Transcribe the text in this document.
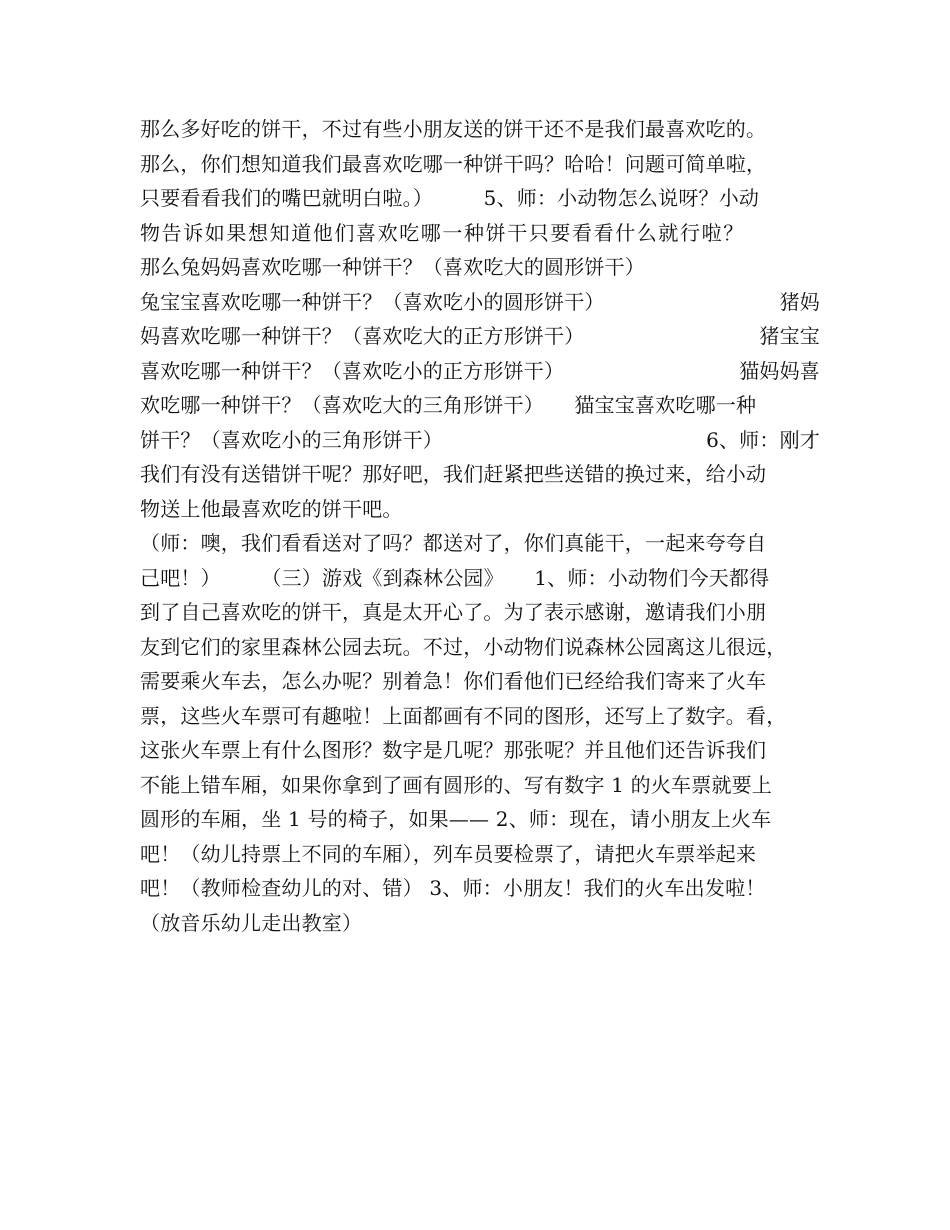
那么多好吃的饼干，不过有些小朋友送的饼干还不是我们最喜欢吃的。
那么，你们想知道我们最喜欢吃哪一种饼干吗？哈哈！问题可简单啦，
只要看看我们的嘴巴就明白啦。）　　　5、师：小动物怎么说呀？小动
物告诉如果想知道他们喜欢吃哪一种饼干只要看看什么就行啦？
那么兔妈妈喜欢吃哪一种饼干？（喜欢吃大的圆形饼干）
兔宝宝喜欢吃哪一种饼干？（喜欢吃小的圆形饼干）	猪妈
妈喜欢吃哪一种饼干？（喜欢吃大的正方形饼干）	猪宝宝
喜欢吃哪一种饼干？（喜欢吃小的正方形饼干）	猫妈妈喜
欢吃哪一种饼干？（喜欢吃大的三角形饼干）　　猫宝宝喜欢吃哪一种
饼干？（喜欢吃小的三角形饼干）	6、师：刚才
我们有没有送错饼干呢？那好吧，我们赶紧把些送错的换过来，给小动
物送上他最喜欢吃的饼干吧。
（师：噢，我们看看送对了吗？都送对了，你们真能干，一起来夸夸自
己吧！）　　　（三）游戏《到森林公园》　　1、师：小动物们今天都得
到了自己喜欢吃的饼干，真是太开心了。为了表示感谢，邀请我们小朋
友到它们的家里森林公园去玩。不过，小动物们说森林公园离这儿很远，
需要乘火车去，怎么办呢？别着急！你们看他们已经给我们寄来了火车
票，这些火车票可有趣啦！上面都画有不同的图形，还写上了数字。看，
这张火车票上有什么图形？数字是几呢？那张呢？并且他们还告诉我们
不能上错车厢，如果你拿到了画有圆形的、写有数字 1 的火车票就要上
圆形的车厢，坐 1 号的椅子，如果—— 2、师：现在，请小朋友上火车
吧！（幼儿持票上不同的车厢），列车员要检票了，请把火车票举起来
吧！（教师检查幼儿的对、错） 3、师：小朋友！我们的火车出发啦！
（放音乐幼儿走出教室）
